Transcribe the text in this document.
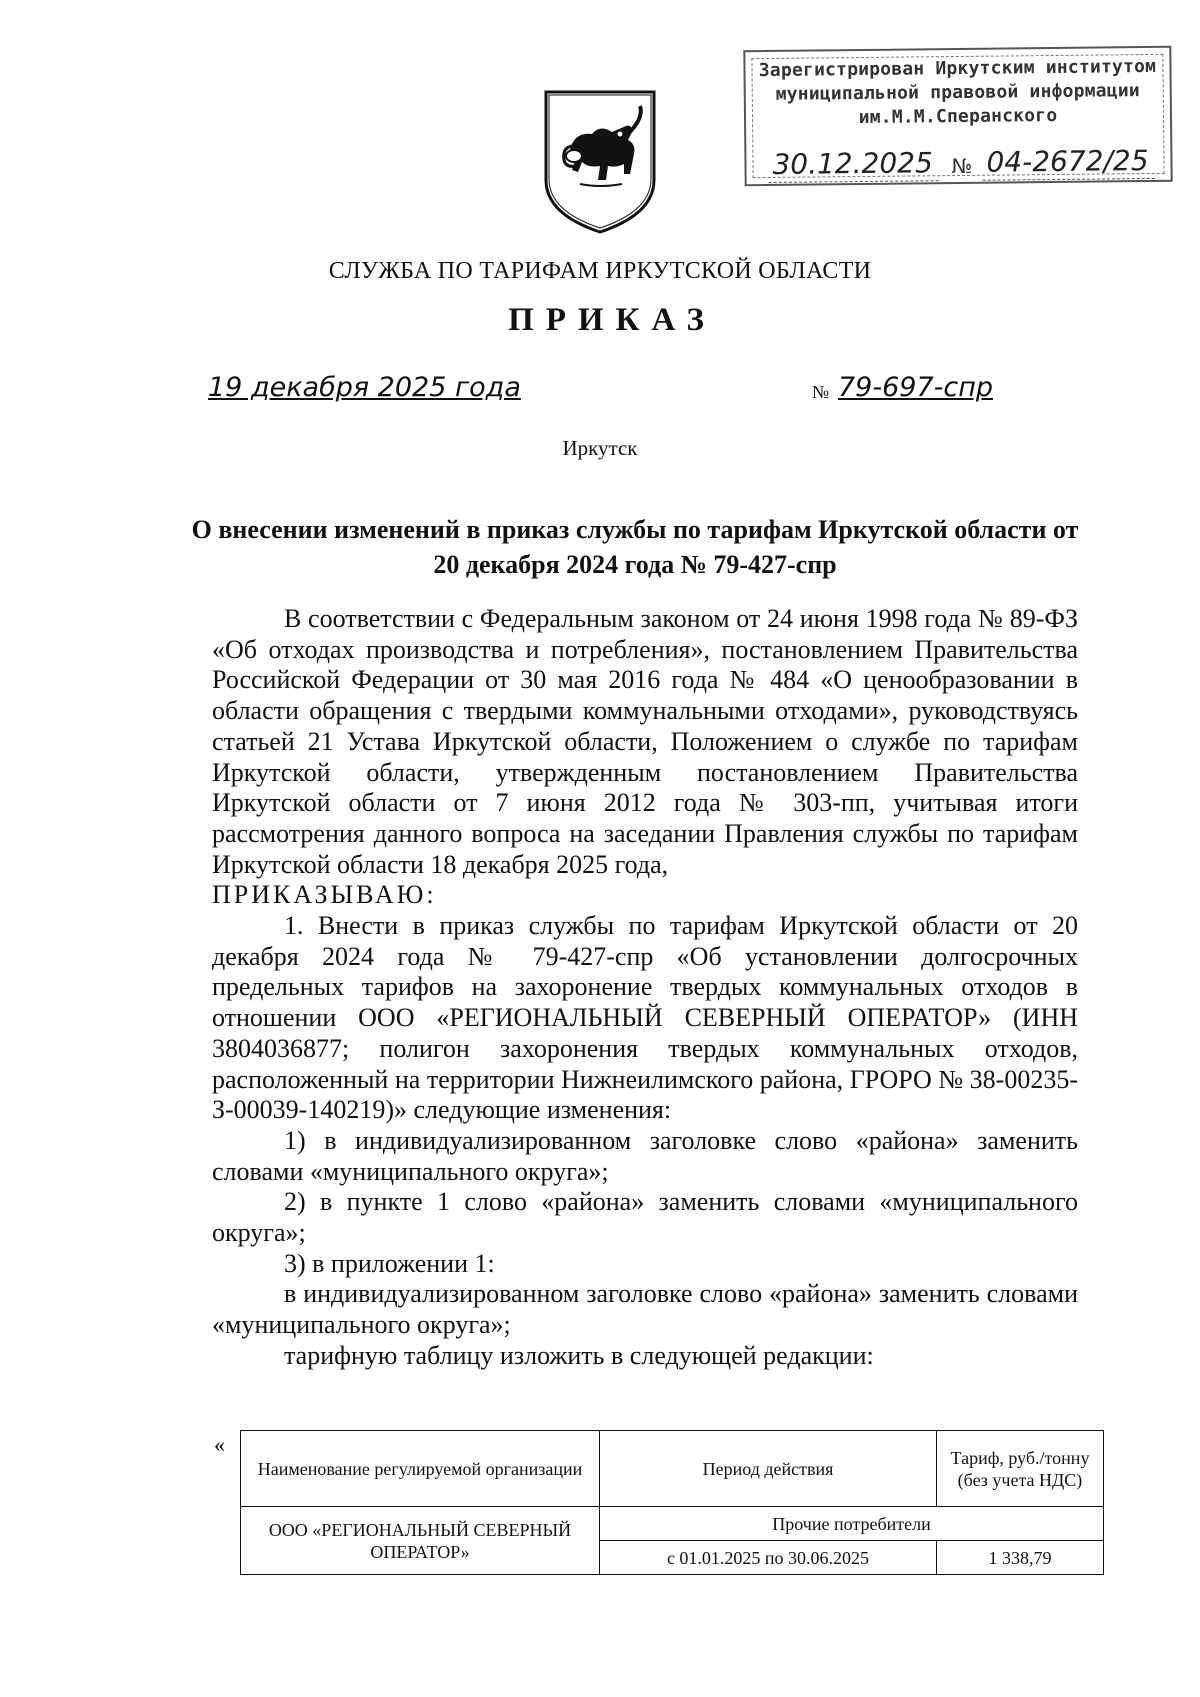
Зарегистрирован Иркутским институтом
муниципальной правовой информации
им.М.М.Сперанского
30.12.2025 № 04-2672/25
СЛУЖБА ПО ТАРИФАМ ИРКУТСКОЙ ОБЛАСТИ
ПРИКАЗ
19 декабря 2025 года	№ 79-697-спр
Иркутск
О внесении изменений в приказ службы по тарифам Иркутской области от 20 декабря 2024 года № 79-427-спр

В соответствии с Федеральным законом от 24 июня 1998 года № 89-ФЗ «Об отходах производства и потребления», постановлением Правительства Российской Федерации от 30 мая 2016 года № 484 «О ценообразовании в области обращения с твердыми коммунальными отходами», руководствуясь статьей 21 Устава Иркутской области, Положением о службе по тарифам Иркутской области, утвержденным постановлением Правительства Иркутской области от 7 июня 2012 года № 303-пп, учитывая итоги рассмотрения данного вопроса на заседании Правления службы по тарифам Иркутской области 18 декабря 2025 года,

ПРИКАЗЫВАЮ:

1. Внести в приказ службы по тарифам Иркутской области от 20 декабря 2024 года № 79-427-спр «Об установлении долгосрочных предельных тарифов на захоронение твердых коммунальных отходов в отношении ООО «РЕГИОНАЛЬНЫЙ СЕВЕРНЫЙ ОПЕРАТОР» (ИНН 3804036877; полигон захоронения твердых коммунальных отходов, расположенный на территории Нижнеилимского района, ГРОРО № 38-00235-З-00039-140219)» следующие изменения:

1) в индивидуализированном заголовке слово «района» заменить словами «муниципального округа»;

2) в пункте 1 слово «района» заменить словами «муниципального округа»;

3) в приложении 1:

в индивидуализированном заголовке слово «района» заменить словами «муниципального округа»;

тарифную таблицу изложить в следующей редакции:

«
Наименование регулируемой организации	Период действия	Тариф, руб./тонну (без учета НДС)
ООО «РЕГИОНАЛЬНЫЙ СЕВЕРНЫЙ ОПЕРАТОР»	Прочие потребители	
	с 01.01.2025 по 30.06.2025	1 338,79
